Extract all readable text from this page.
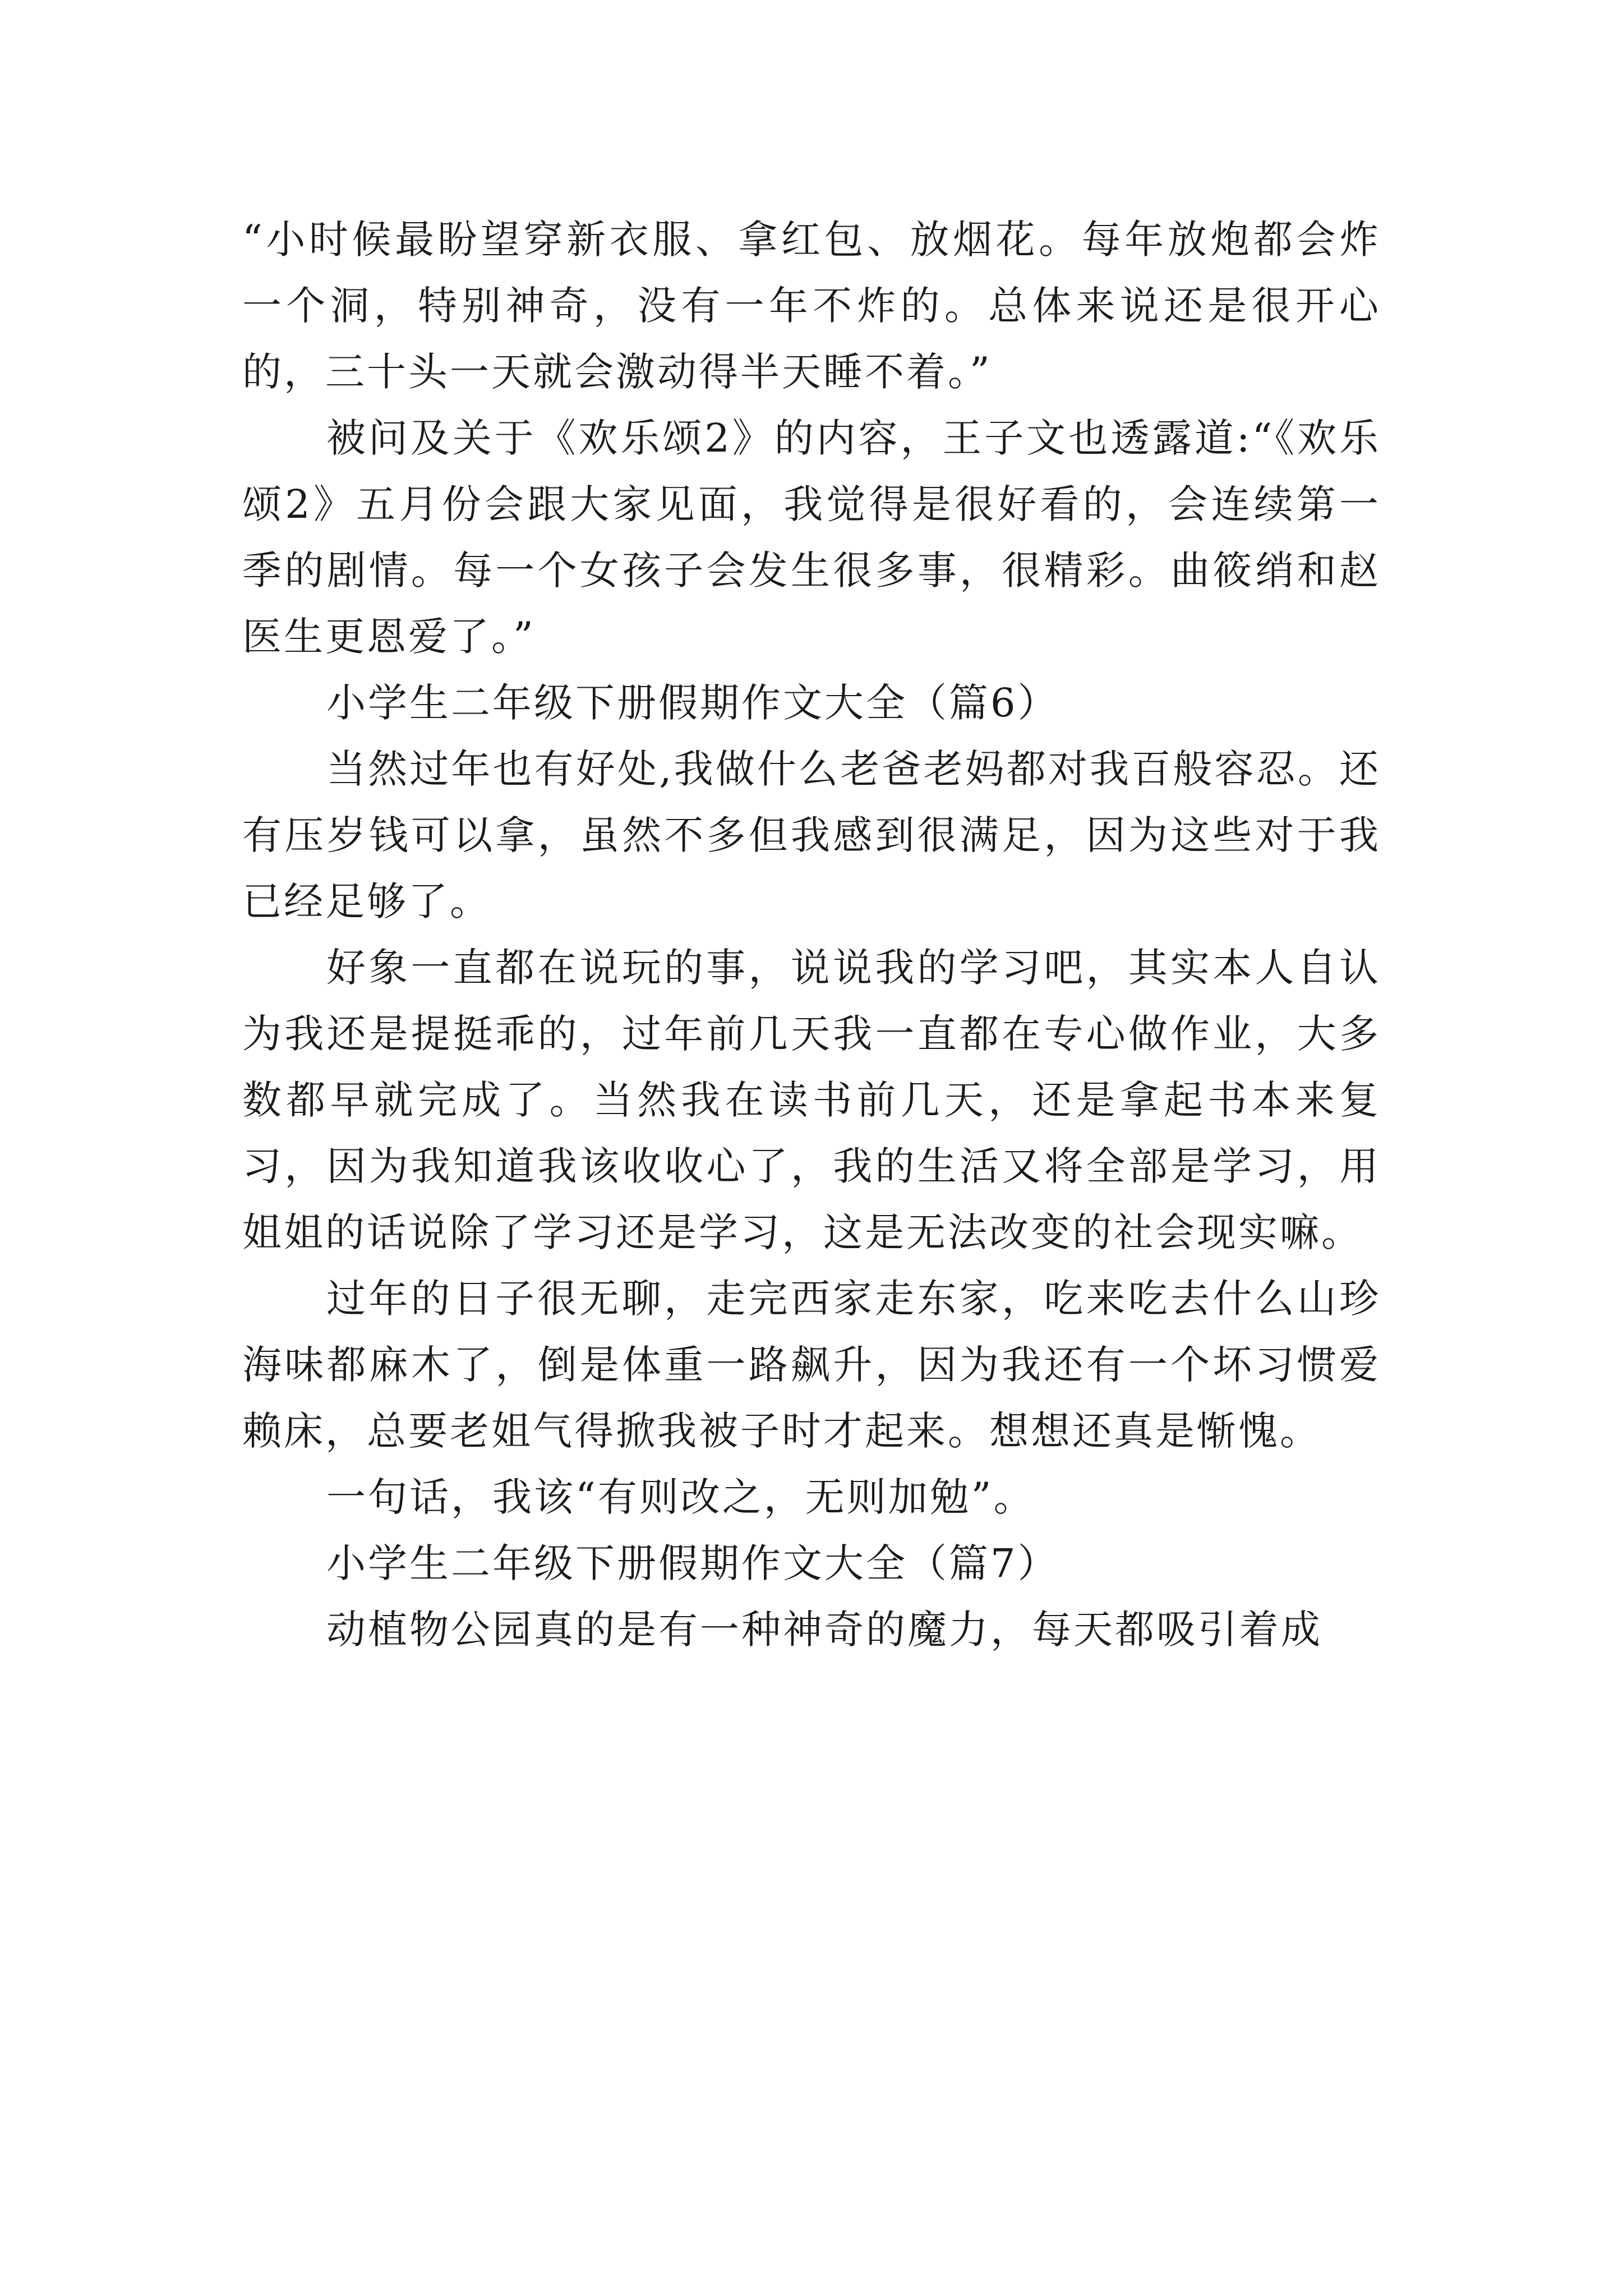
“小时候最盼望穿新衣服、拿红包、放烟花。每年放炮都会炸一个洞，特别神奇，没有一年不炸的。总体来说还是很开心的，三十头一天就会激动得半天睡不着。”

被问及关于《欢乐颂2》的内容，王子文也透露道:“《欢乐颂2》五月份会跟大家见面，我觉得是很好看的，会连续第一季的剧情。每一个女孩子会发生很多事，很精彩。曲筱绡和赵医生更恩爱了。”

小学生二年级下册假期作文大全（篇6）

当然过年也有好处,我做什么老爸老妈都对我百般容忍。还有压岁钱可以拿，虽然不多但我感到很满足，因为这些对于我已经足够了。

好象一直都在说玩的事，说说我的学习吧，其实本人自认为我还是提挺乖的，过年前几天我一直都在专心做作业，大多数都早就完成了。当然我在读书前几天，还是拿起书本来复习，因为我知道我该收收心了，我的生活又将全部是学习，用姐姐的话说除了学习还是学习，这是无法改变的社会现实嘛。

过年的日子很无聊，走完西家走东家，吃来吃去什么山珍海味都麻木了，倒是体重一路飙升，因为我还有一个坏习惯爱赖床，总要老姐气得掀我被子时才起来。想想还真是惭愧。

一句话，我该“有则改之，无则加勉”。

小学生二年级下册假期作文大全（篇7）

动植物公园真的是有一种神奇的魔力，每天都吸引着成
